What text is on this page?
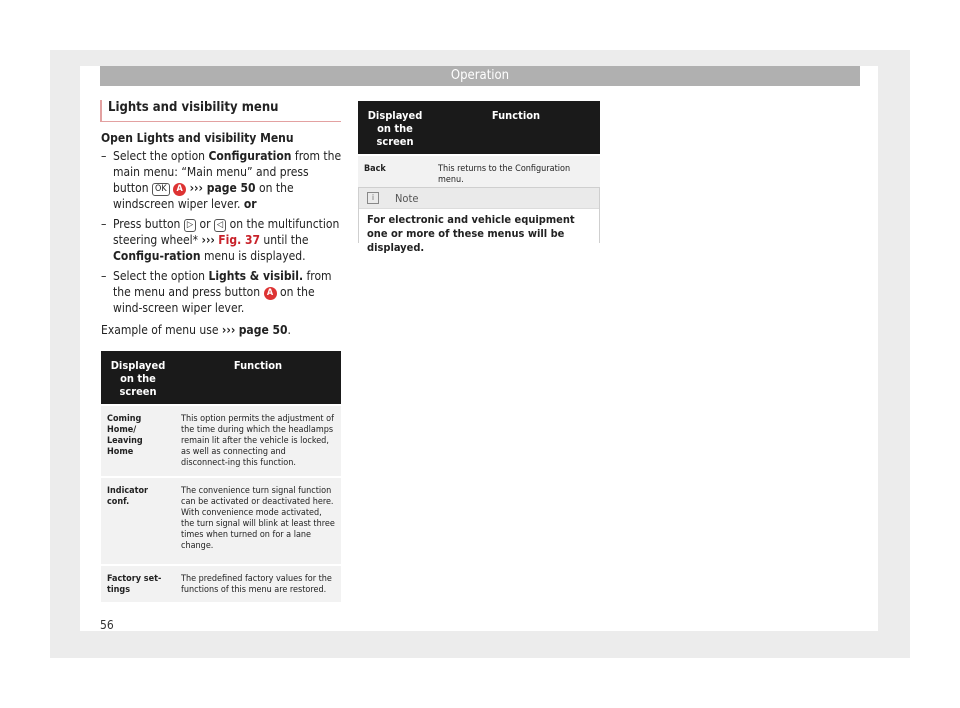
Operation
Lights and visibility menu
Open Lights and visibility Menu
– Select the option Configuration from the main menu: “Main menu” and press button OK A ››› page 50 on the windscreen wiper lever. or
– Press button ▷ or ◁ on the multifunction steering wheel* ››› Fig. 37 until the Configu-ration menu is displayed.
– Select the option Lights & visibil. from the menu and press button A on the wind-screen wiper lever.
Example of menu use ››› page 50.
Displayed on the screen	Function
Coming Home/ Leaving Home	This option permits the adjustment of the time during which the headlamps remain lit after the vehicle is locked, as well as connecting and disconnect-ing this function.
Indicator conf.	The convenience turn signal function can be activated or deactivated here. With convenience mode activated, the turn signal will blink at least three times when turned on for a lane change.
Factory set-tings	The predefined factory values for the functions of this menu are restored.
Displayed on the screen	Function
Back	This returns to the Configuration menu.
i	Note
For electronic and vehicle equipment one or more of these menus will be displayed.
56
